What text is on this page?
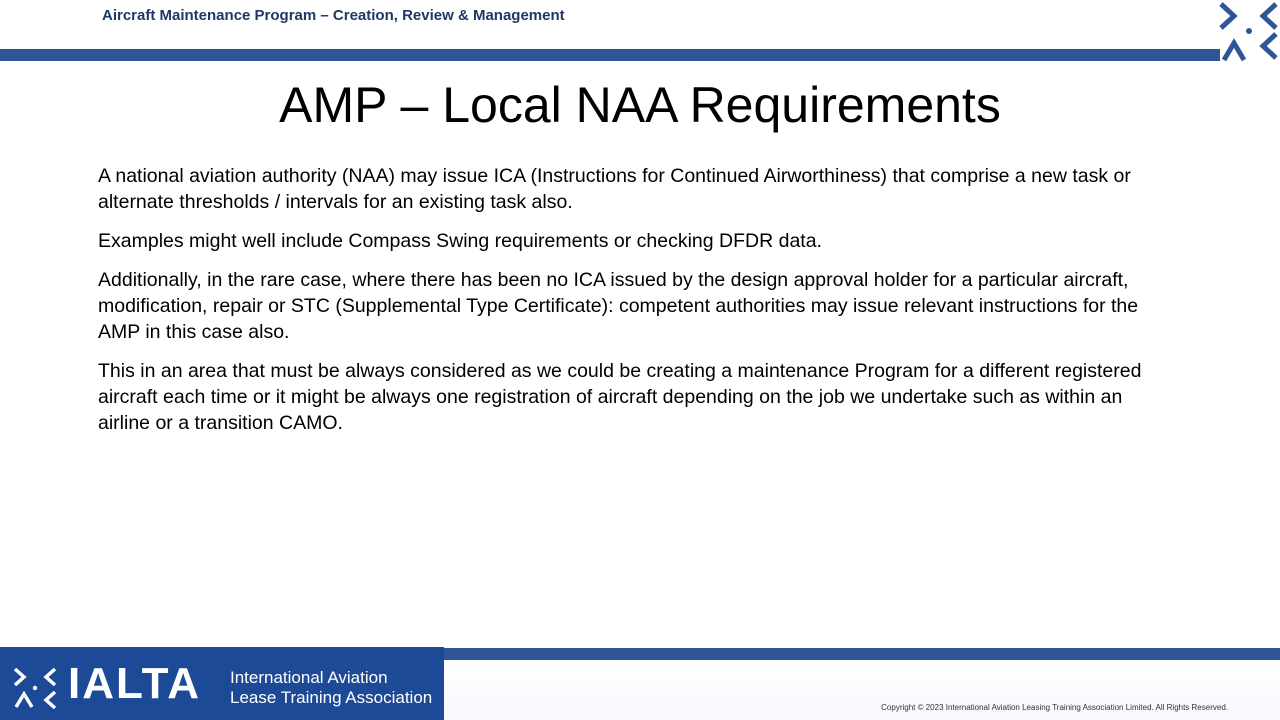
Aircraft Maintenance Program – Creation, Review & Management
AMP – Local NAA Requirements

A national aviation authority (NAA) may issue ICA (Instructions for Continued Airworthiness) that comprise a new task or alternate thresholds / intervals for an existing task also.

Examples might well include Compass Swing requirements or checking DFDR data.

Additionally, in the rare case, where there has been no ICA issued by the design approval holder for a particular aircraft, modification, repair or STC (Supplemental Type Certificate): competent authorities may issue relevant instructions for the AMP in this case also.

This in an area that must be always considered as we could be creating a maintenance Program for a different registered aircraft each time or it might be always one registration of aircraft depending on the job we undertake such as within an airline or a transition CAMO.

IALTA International Aviation
Lease Training Association
Copyright © 2023 International Aviation Leasing Training Association Limited. All Rights Reserved.
